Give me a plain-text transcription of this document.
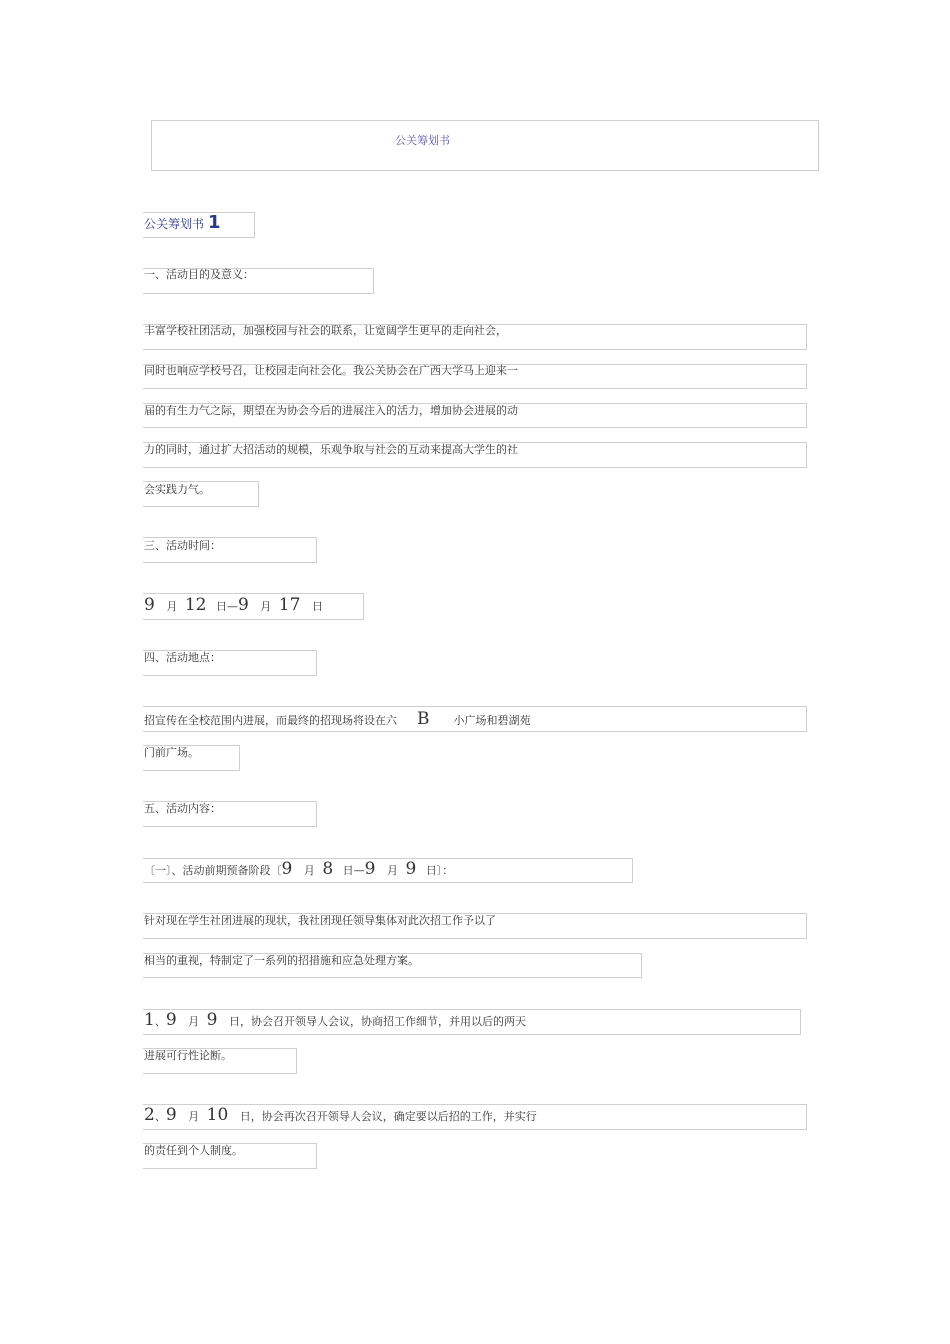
公关筹划书
公关筹划书 1
一、活动目的及意义：
丰富学校社团活动，加强校园与社会的联系，让宽阔学生更早的走向社会，
同时也响应学校号召，让校园走向社会化。我公关协会在广西大学马上迎来一
届的有生力气之际，期望在为协会今后的进展注入的活力，增加协会进展的动
力的同时，通过扩大招活动的规模，乐观争取与社会的互动来提高大学生的社
会实践力气。
三、活动时间：
9 月 12 日—9 月 17 日
四、活动地点：
招宣传在全校范围内进展，而最终的招现场将设在六 B 小广场和碧湖苑
门前广场。
五、活动内容：
〔一〕、活动前期预备阶段〔9 月 8 日—9 月 9 日〕：
针对现在学生社团进展的现状，我社团现任领导集体对此次招工作予以了
相当的重视，特制定了一系列的招措施和应急处理方案。
1、9 月 9 日，协会召开领导人会议，协商招工作细节，并用以后的两天
进展可行性论断。
2、9 月 10 日，协会再次召开领导人会议，确定要以后招的工作，并实行
的责任到个人制度。
